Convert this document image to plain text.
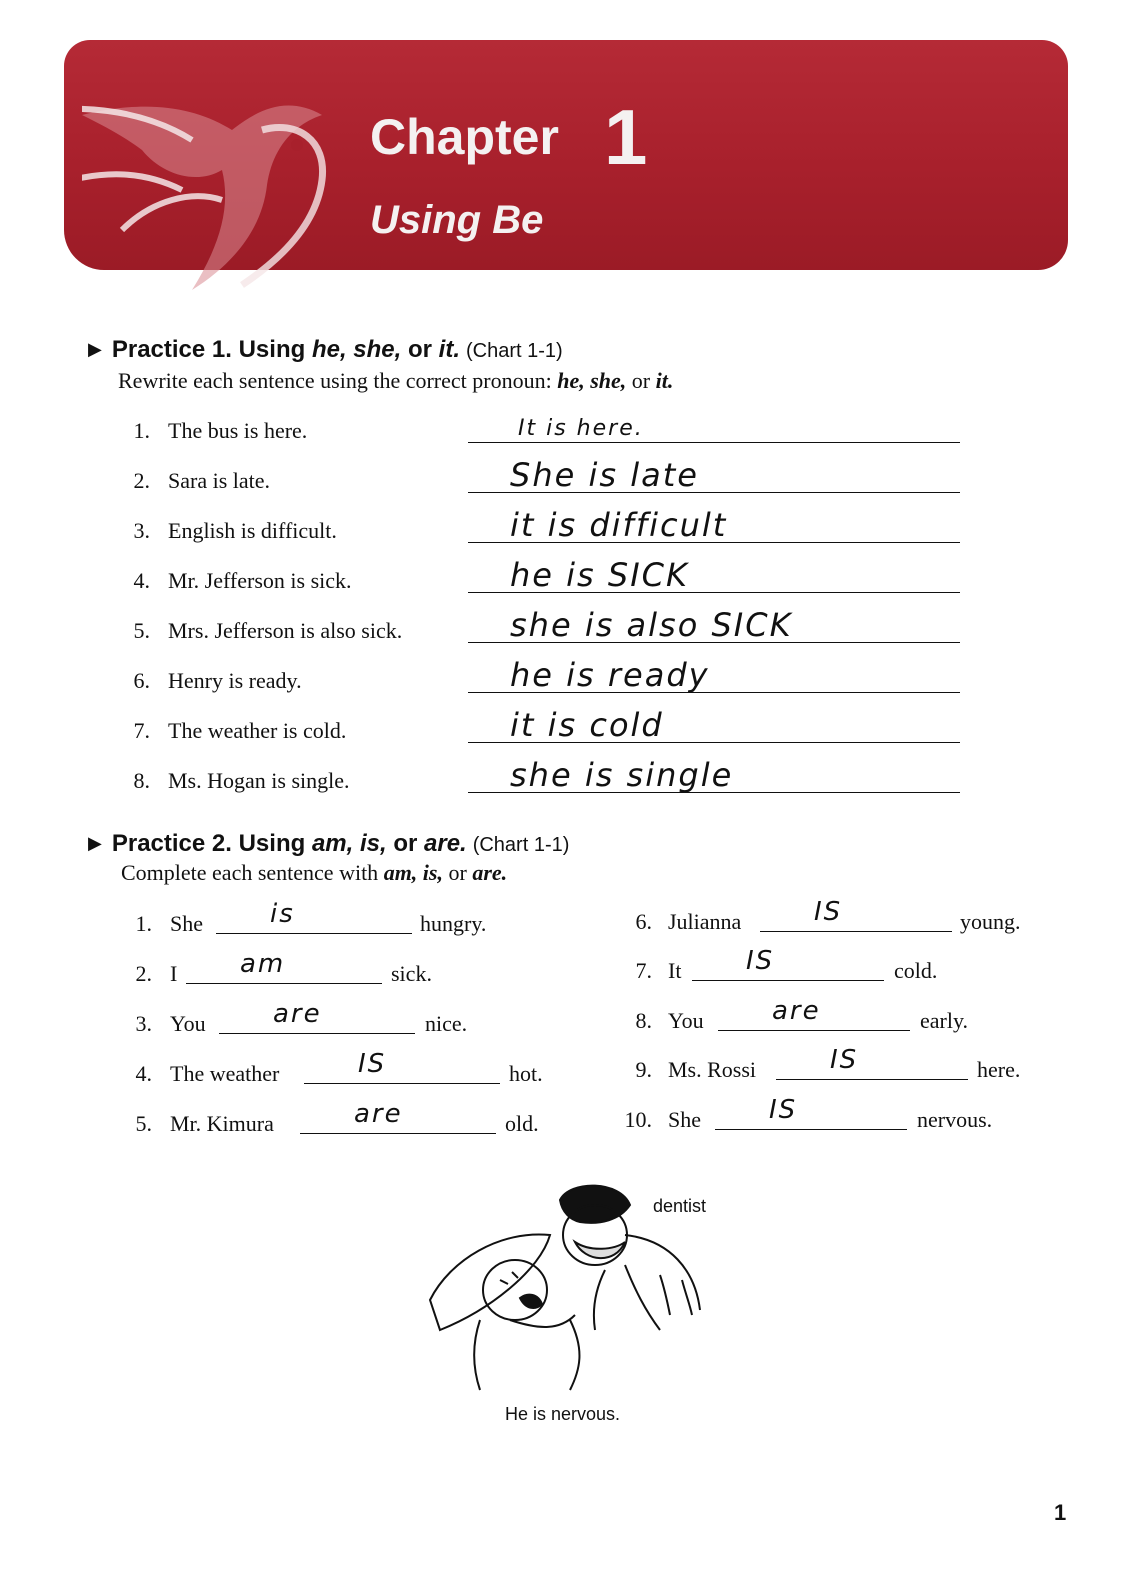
Chapter 1
Using Be
▶ Practice 1. Using he, she, or it. (Chart 1-1)
Rewrite each sentence using the correct pronoun: he, she, or it.
1. The bus is here.	It is here.
2. Sara is late.	She is late
3. English is difficult.	it is difficult
4. Mr. Jefferson is sick.	he is SICK
5. Mrs. Jefferson is also sick.	she is also SICK
6. Henry is ready.	he is ready
7. The weather is cold.	it is cold
8. Ms. Hogan is single.	she is single
▶ Practice 2. Using am, is, or are. (Chart 1-1)
Complete each sentence with am, is, or are.
1. She	is	hungry.
2. I am	sick.
3. You	are	nice.
4. The weather	IS	hot.
5. Mr. Kimura	are	old.
6. Julianna	IS	young.
7. It IS	cold.
8. You	are	early.
9. Ms. Rossi	IS	here.
10. She	IS	nervous.
dentist
He is nervous.
1
